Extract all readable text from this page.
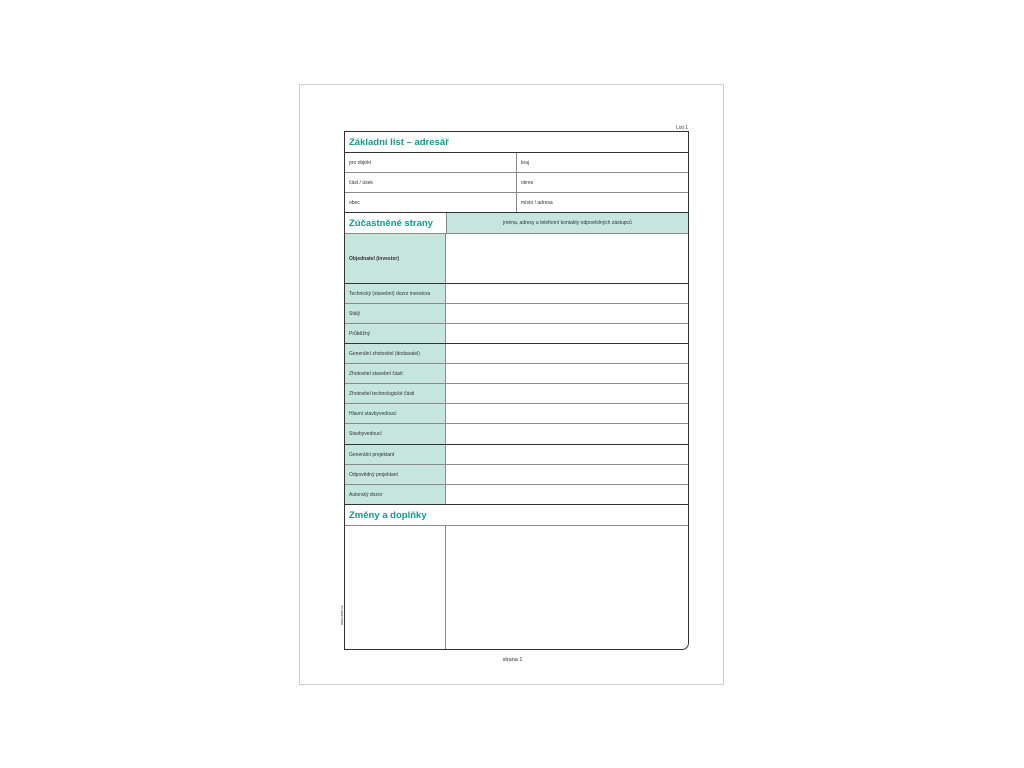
List 1
Základní list – adresář
pro objekt	kraj
část / úsek	okres
obec	místo / adresa
Zúčastněné strany	jména, adresy a telefonní kontakty odpovědných zástupců
Objednatel (investor)
Technický (stavební) dozor investora
Stálý
Průběžný
Generální zhotovitel (dodavatel)
Zhotovitel stavební části
Zhotovitel technologické části
Hlavní stavbyvedoucí
Stavbyvedoucí
Generální projektant
Odpovědný projektant
Autorský dozor
Změny a doplňky
www.anto.cz
strana 1
